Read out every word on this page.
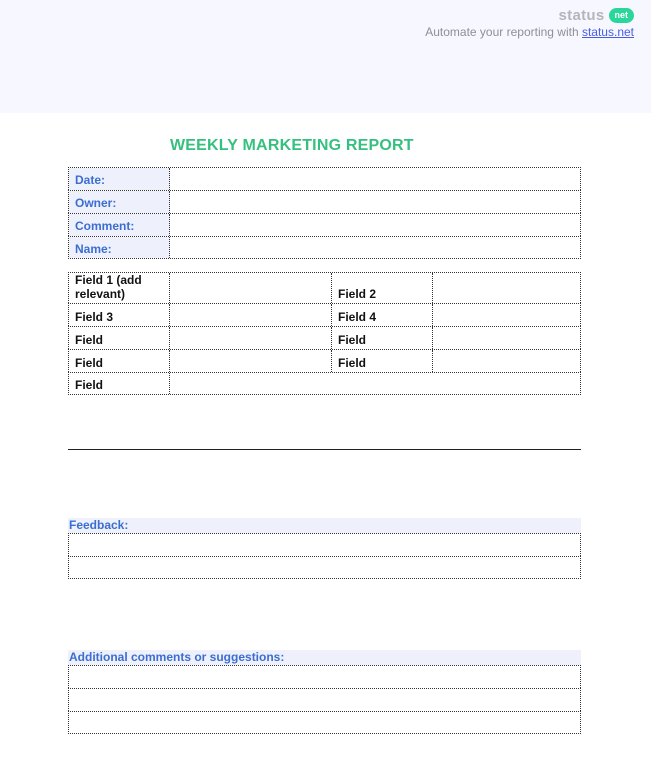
status	net
Automate your reporting with status.net
WEEKLY MARKETING REPORT
Date:
Owner:
Comment:
Name:
Field 1 (add relevant)	Field 2
Field 3	Field 4
Field	Field
Field	Field
Field
Feedback:
Additional comments or suggestions:
